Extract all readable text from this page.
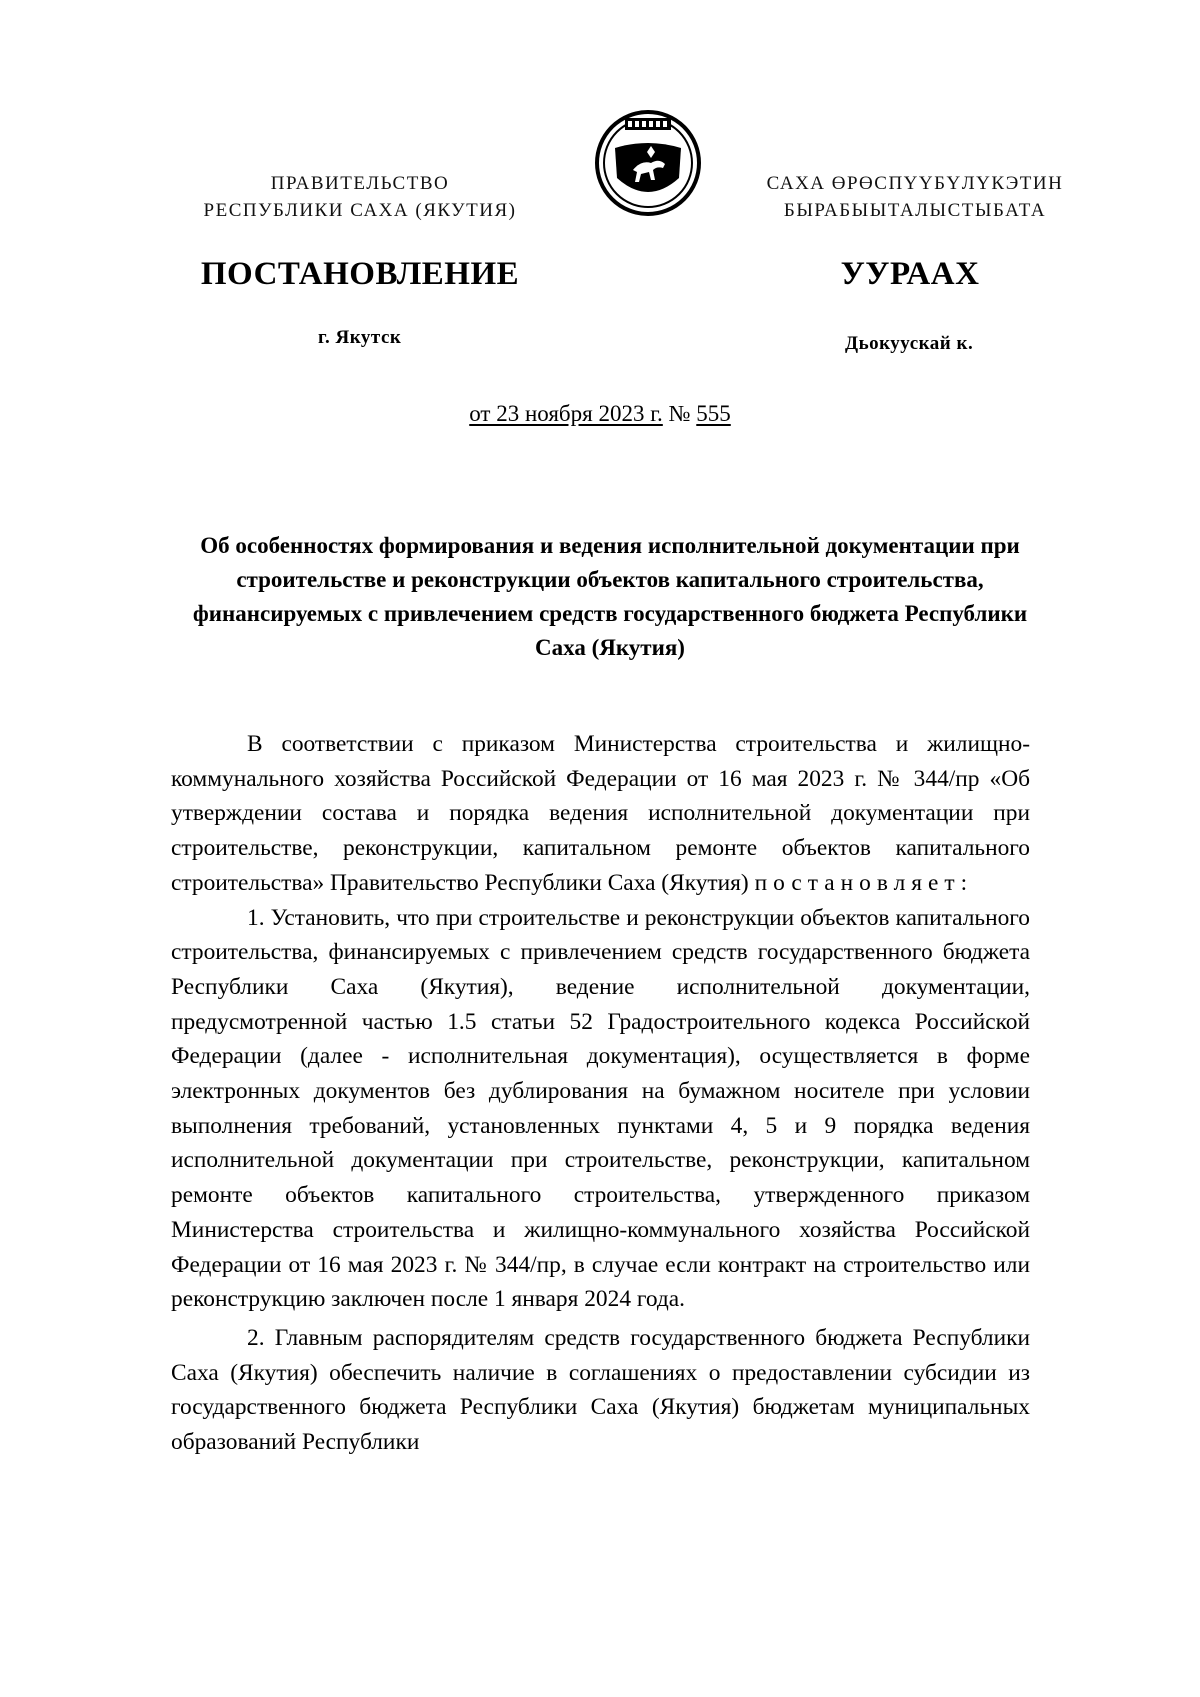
ПРАВИТЕЛЬСТВО
РЕСПУБЛИКИ САХА (ЯКУТИЯ)
САХА ӨРӨСПҮҮБҮЛҮКЭТИН
БЫРАБЫЫТАЛЫСТЫБАТА
ПОСТАНОВЛЕНИЕ	УУРААХ
г. Якутск	Дьокуускай к.
от 23 ноября 2023 г. № 555
Об особенностях формирования и ведения исполнительной документации при строительстве и реконструкции объектов капитального строительства, финансируемых с привлечением средств государственного бюджета Республики Саха (Якутия)

В соответствии с приказом Министерства строительства и жилищно-коммунального хозяйства Российской Федерации от 16 мая 2023 г. № 344/пр «Об утверждении состава и порядка ведения исполнительной документации при строительстве, реконструкции, капитальном ремонте объектов капитального строительства» Правительство Республики Саха (Якутия) постановляет:

1. Установить, что при строительстве и реконструкции объектов капитального строительства, финансируемых с привлечением средств государственного бюджета Республики Саха (Якутия), ведение исполнительной документации, предусмотренной частью 1.5 статьи 52 Градостроительного кодекса Российской Федерации (далее - исполнительная документация), осуществляется в форме электронных документов без дублирования на бумажном носителе при условии выполнения требований, установленных пунктами 4, 5 и 9 порядка ведения исполнительной документации при строительстве, реконструкции, капитальном ремонте объектов капитального строительства, утвержденного приказом Министерства строительства и жилищно-коммунального хозяйства Российской Федерации от 16 мая 2023 г. № 344/пр, в случае если контракт на строительство или реконструкцию заключен после 1 января 2024 года.

2. Главным распорядителям средств государственного бюджета Республики Саха (Якутия) обеспечить наличие в соглашениях о предоставлении субсидии из государственного бюджета Республики Саха (Якутия) бюджетам муниципальных образований Республики
